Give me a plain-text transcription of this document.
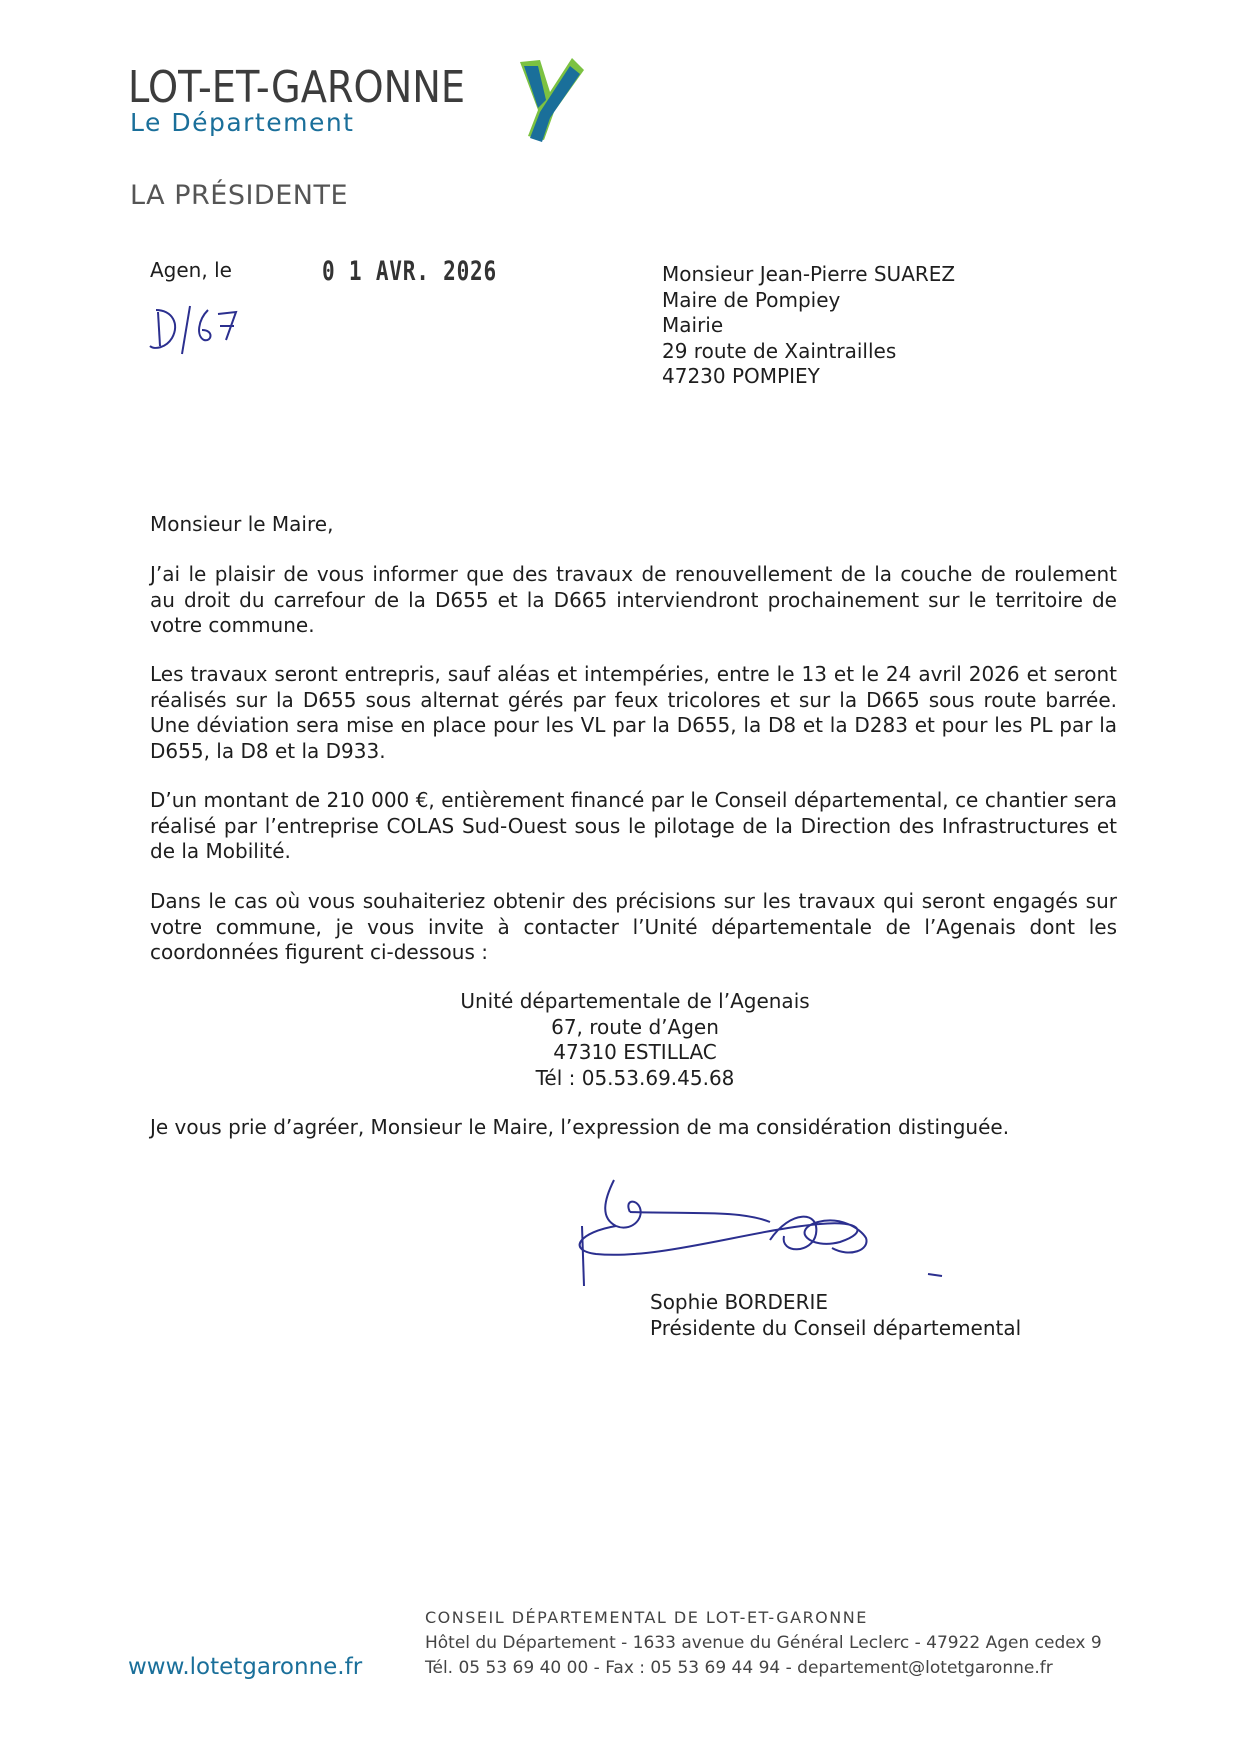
LOT-ET-GARONNE
Le Département
LA PRÉSIDENTE
Agen, le	0 1 AVR. 2026	Monsieur Jean-Pierre SUAREZ
Maire de Pompiey
Mairie
29 route de Xaintrailles
47230 POMPIEY
Monsieur le Maire,
J’ai le plaisir de vous informer que des travaux de renouvellement de la couche de roulement au droit du carrefour de la D655 et la D665 interviendront prochainement sur le territoire de votre commune.
Les travaux seront entrepris, sauf aléas et intempéries, entre le 13 et le 24 avril 2026 et seront réalisés sur la D655 sous alternat gérés par feux tricolores et sur la D665 sous route barrée. Une déviation sera mise en place pour les VL par la D655, la D8 et la D283 et pour les PL par la D655, la D8 et la D933.
D’un montant de 210 000 €, entièrement financé par le Conseil départemental, ce chantier sera réalisé par l’entreprise COLAS Sud-Ouest sous le pilotage de la Direction des Infrastructures et de la Mobilité.
Dans le cas où vous souhaiteriez obtenir des précisions sur les travaux qui seront engagés sur votre commune, je vous invite à contacter l’Unité départementale de l’Agenais dont les coordonnées figurent ci-dessous :
Unité départementale de l’Agenais
67, route d’Agen
47310 ESTILLAC
Tél : 05.53.69.45.68
Je vous prie d’agréer, Monsieur le Maire, l’expression de ma considération distinguée.
Sophie BORDERIE
Présidente du Conseil départemental
CONSEIL DÉPARTEMENTAL DE LOT-ET-GARONNE
Hôtel du Département - 1633 avenue du Général Leclerc - 47922 Agen cedex 9
Tél. 05 53 69 40 00 - Fax : 05 53 69 44 94 - departement@lotetgaronne.fr
www.lotetgaronne.fr
